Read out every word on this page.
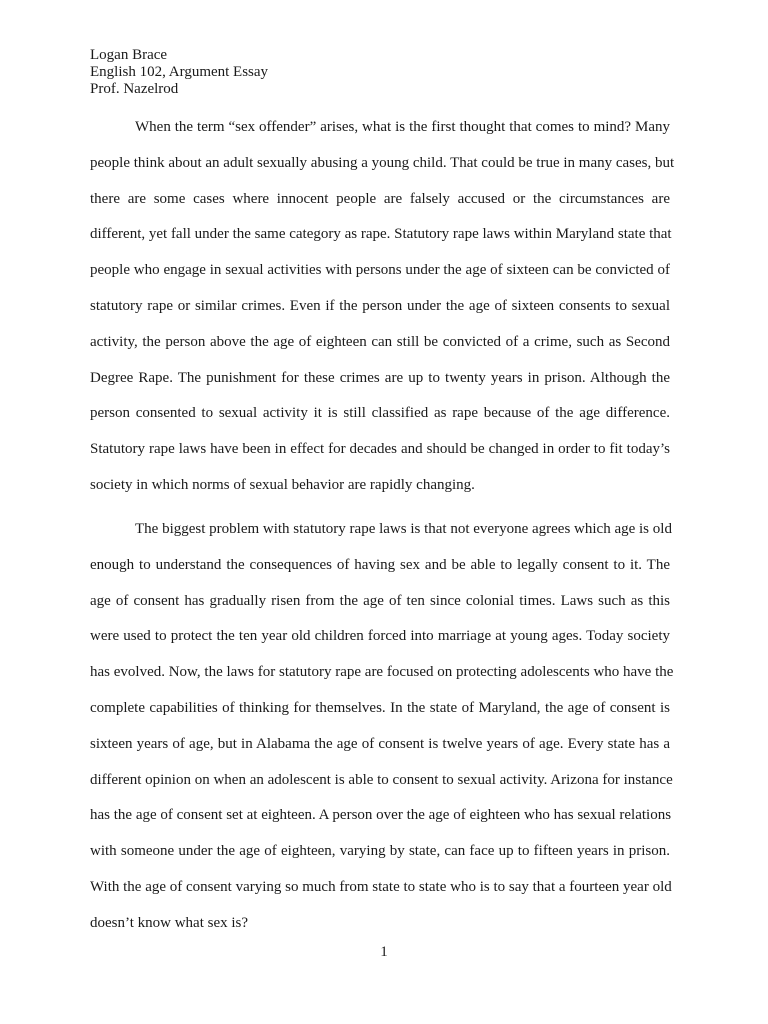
Logan Brace
English 102, Argument Essay
Prof. Nazelrod
When the term “sex offender” arises, what is the first thought that comes to mind? Many
people think about an adult sexually abusing a young child. That could be true in many cases, but
there are some cases where innocent people are falsely accused or the circumstances are
different, yet fall under the same category as rape. Statutory rape laws within Maryland state that
people who engage in sexual activities with persons under the age of sixteen can be convicted of
statutory rape or similar crimes. Even if the person under the age of sixteen consents to sexual
activity, the person above the age of eighteen can still be convicted of a crime, such as Second
Degree Rape. The punishment for these crimes are up to twenty years in prison. Although the
person consented to sexual activity it is still classified as rape because of the age difference.
Statutory rape laws have been in effect for decades and should be changed in order to fit today’s
society in which norms of sexual behavior are rapidly changing.
The biggest problem with statutory rape laws is that not everyone agrees which age is old
enough to understand the consequences of having sex and be able to legally consent to it. The
age of consent has gradually risen from the age of ten since colonial times. Laws such as this
were used to protect the ten year old children forced into marriage at young ages. Today society
has evolved. Now, the laws for statutory rape are focused on protecting adolescents who have the
complete capabilities of thinking for themselves. In the state of Maryland, the age of consent is
sixteen years of age, but in Alabama the age of consent is twelve years of age. Every state has a
different opinion on when an adolescent is able to consent to sexual activity. Arizona for instance
has the age of consent set at eighteen. A person over the age of eighteen who has sexual relations
with someone under the age of eighteen, varying by state, can face up to fifteen years in prison.
With the age of consent varying so much from state to state who is to say that a fourteen year old
doesn’t know what sex is?
1
